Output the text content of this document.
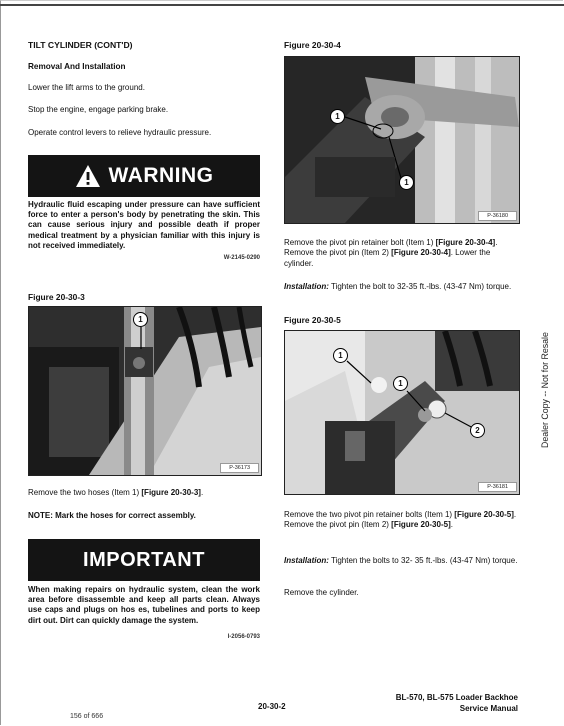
TILT CYLINDER (CONT'D)

Removal And Installation

Lower the lift arms to the ground.

Stop the engine, engage parking brake.

Operate control levers to relieve hydraulic pressure.

WARNING
Hydraulic fluid escaping under pressure can have sufficient force to enter a person's body by penetrating the skin. This can cause serious injury and possible death if proper medical treatment by a physician familiar with this injury is not received immediately.
W-2145-0290
Figure 20-30-3
1
P-36173
Remove the two hoses (Item 1) [Figure 20-30-3].
NOTE: Mark the hoses for correct assembly.
IMPORTANT
When making repairs on hydraulic system, clean the work area before disassemble and keep all parts clean. Always use caps and plugs on hos es, tubelines and ports to keep dirt out. Dirt can quickly damage the system.
I-2056-0793
Figure 20-30-4
1
1
P-36180
Remove the pivot pin retainer bolt (Item 1) [Figure 20-30-4]. Remove the pivot pin (Item 2) [Figure 20-30-4]. Lower the cylinder.
Installation: Tighten the bolt to 32-35 ft.-lbs. (43-47 Nm) torque.
Figure 20-30-5
1
1
2
P-36181
Remove the two pivot pin retainer bolts (Item 1) [Figure 20-30-5]. Remove the pivot pin (Item 2) [Figure 20-30-5].
Installation: Tighten the bolts to 32- 35 ft.-lbs. (43-47 Nm) torque.
Remove the cylinder.
Dealer Copy -- Not for Resale
20-30-2
BL-570, BL-575 Loader Backhoe
Service Manual
156 of 666
